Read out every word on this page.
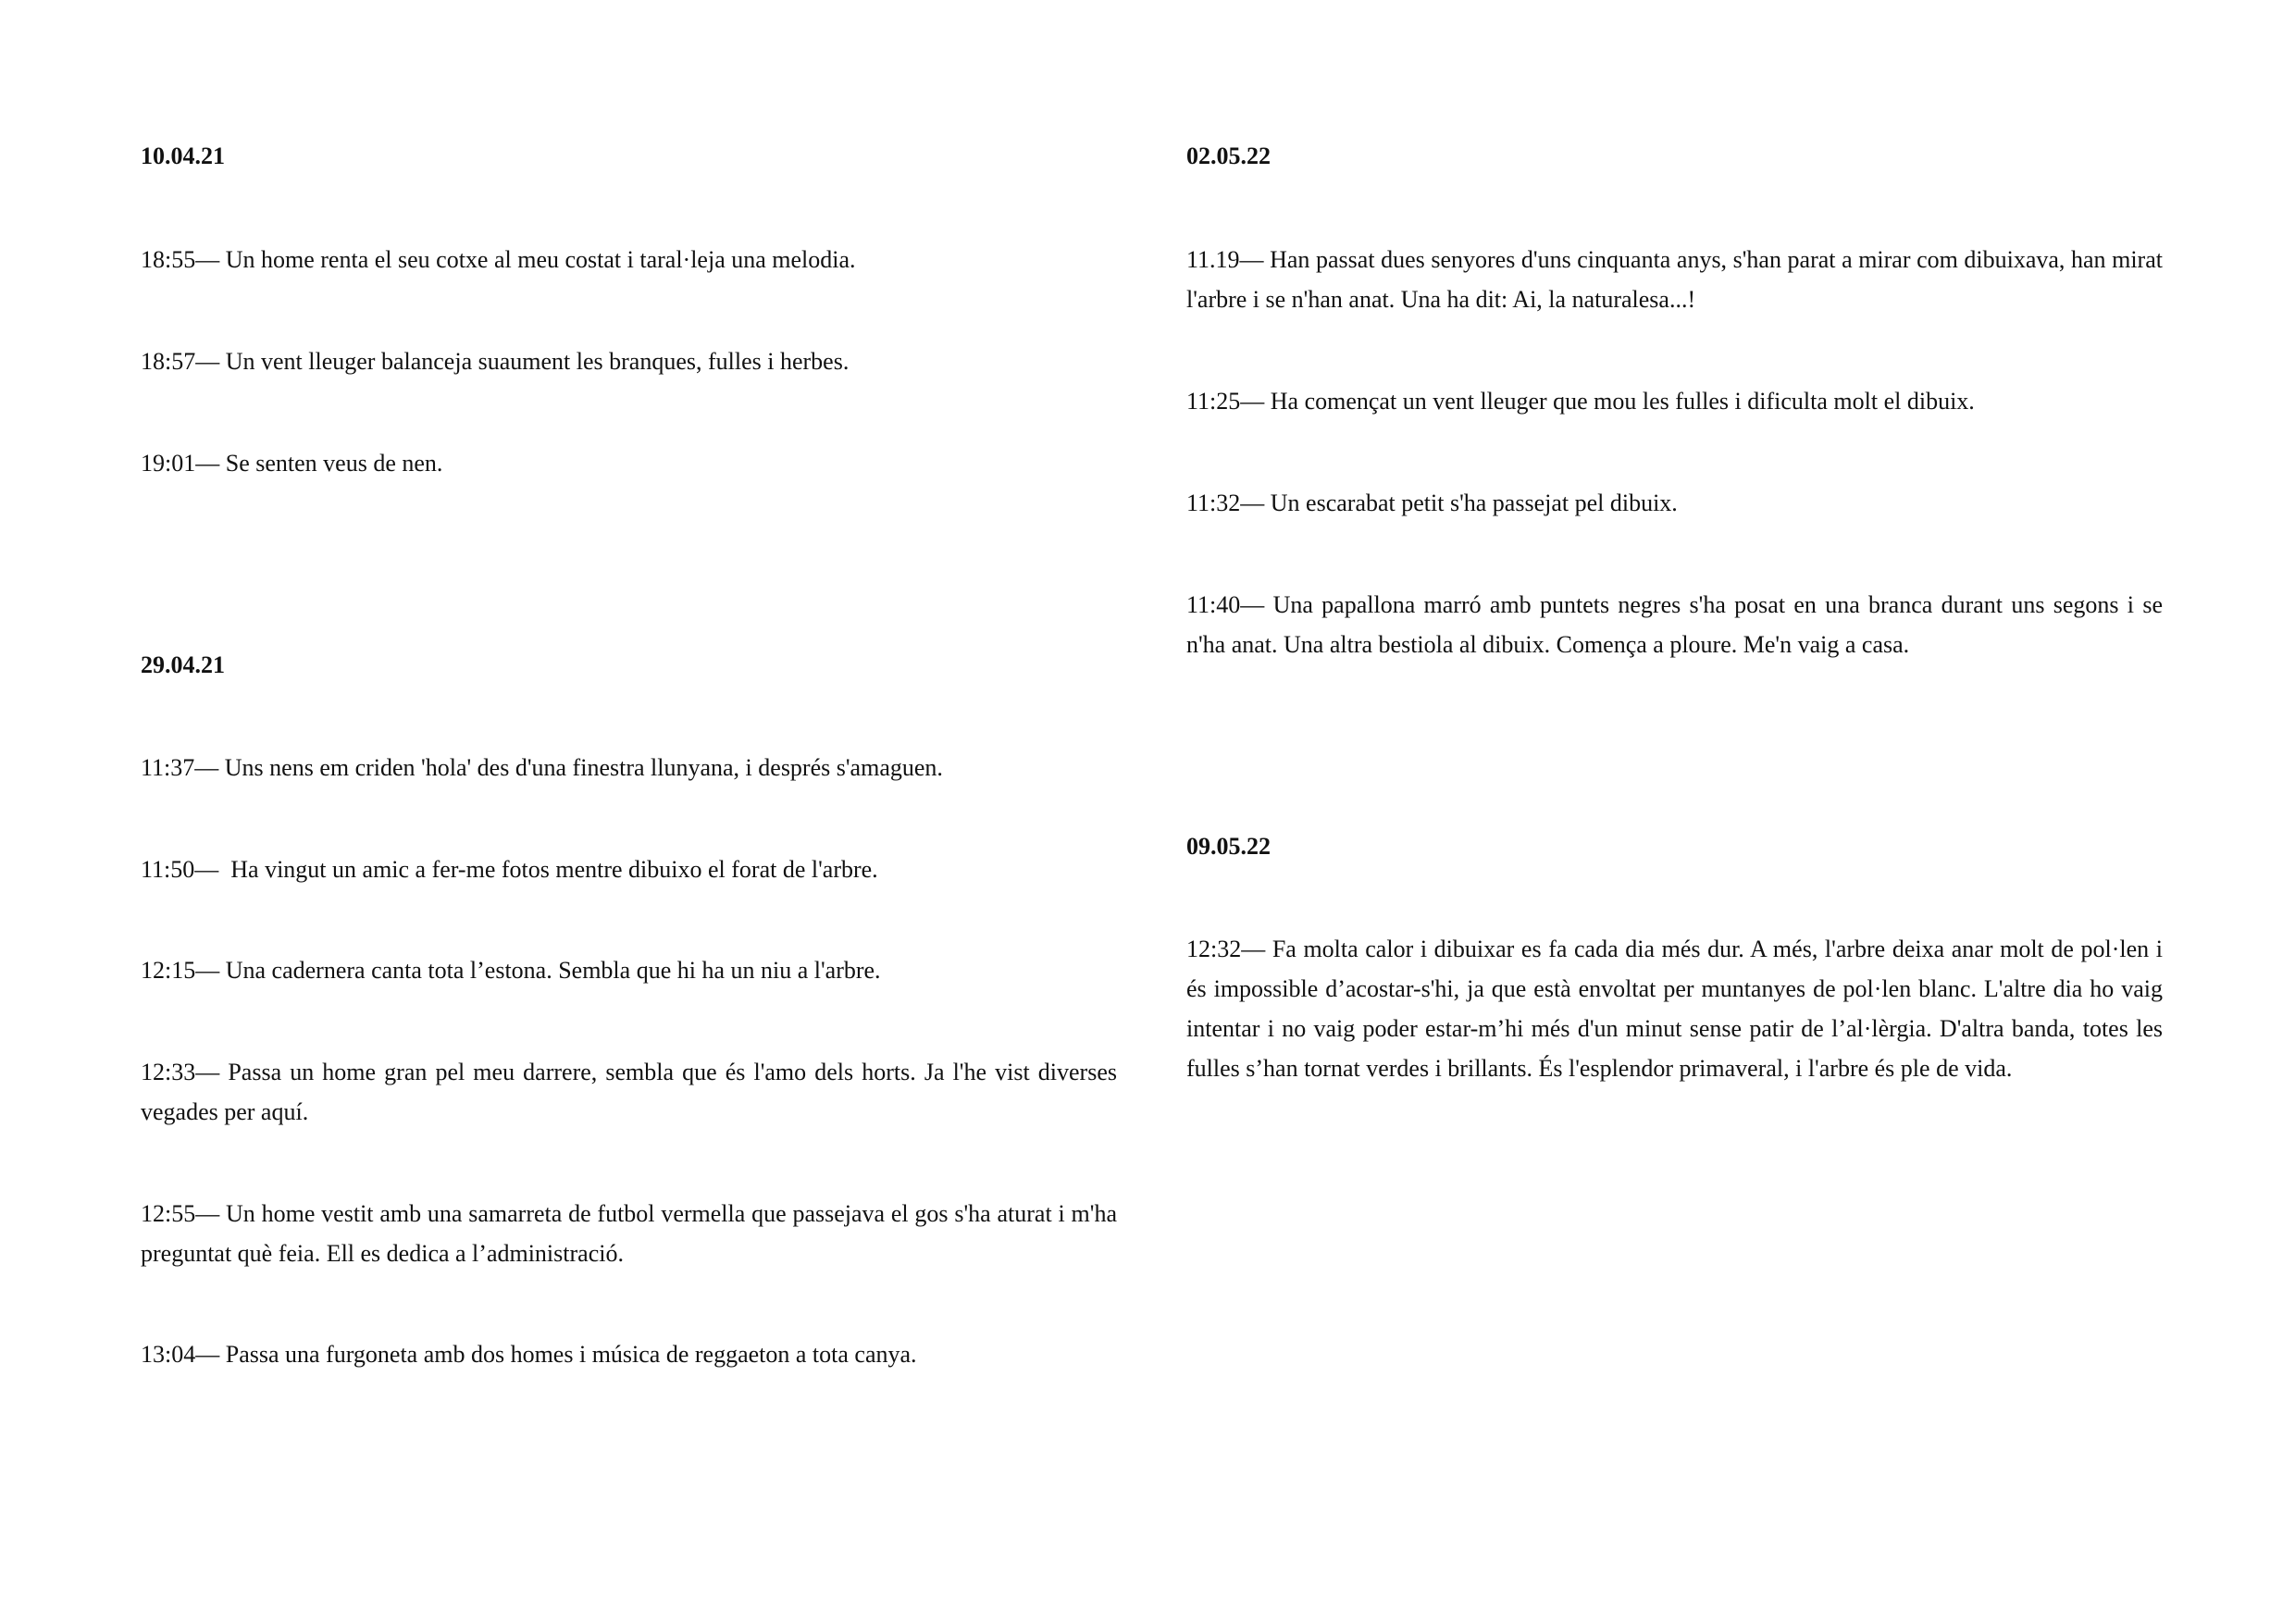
10.04.21
18:55— Un home renta el seu cotxe al meu costat i taral·leja una melodia.
18:57— Un vent lleuger balanceja suaument les branques, fulles i herbes.
19:01— Se senten veus de nen.
29.04.21
11:37— Uns nens em criden 'hola' des d'una finestra llunyana, i després s'amaguen.
11:50—  Ha vingut un amic a fer-me fotos mentre dibuixo el forat de l'arbre.
12:15— Una cadernera canta tota l’estona. Sembla que hi ha un niu a l'arbre.
12:33— Passa un home gran pel meu darrere, sembla que és l'amo dels horts. Ja l'he vist diverses vegades per aquí.
12:55— Un home vestit amb una samarreta de futbol vermella que passejava el gos s'ha aturat i m'ha preguntat què feia. Ell es dedica a l’administració.
13:04— Passa una furgoneta amb dos homes i música de reggaeton a tota canya.
02.05.22
11.19— Han passat dues senyores d'uns cinquanta anys, s'han parat a mirar com dibuixava, han mirat l'arbre i se n'han anat. Una ha dit: Ai, la naturalesa...!
11:25— Ha començat un vent lleuger que mou les fulles i dificulta molt el dibuix.
11:32— Un escarabat petit s'ha passejat pel dibuix.
11:40— Una papallona marró amb puntets negres s'ha posat en una branca durant uns segons i se n'ha anat. Una altra bestiola al dibuix. Comença a ploure. Me'n vaig a casa.
09.05.22
12:32— Fa molta calor i dibuixar es fa cada dia més dur. A més, l'arbre deixa anar molt de pol·len i és impossible d’acostar-s'hi, ja que està envoltat per muntanyes de pol·len blanc. L'altre dia ho vaig intentar i no vaig poder estar-m’hi més d'un minut sense patir de l’al·lèrgia. D'altra banda, totes les fulles s’han tornat verdes i brillants. És l'esplendor primaveral, i l'arbre és ple de vida.
